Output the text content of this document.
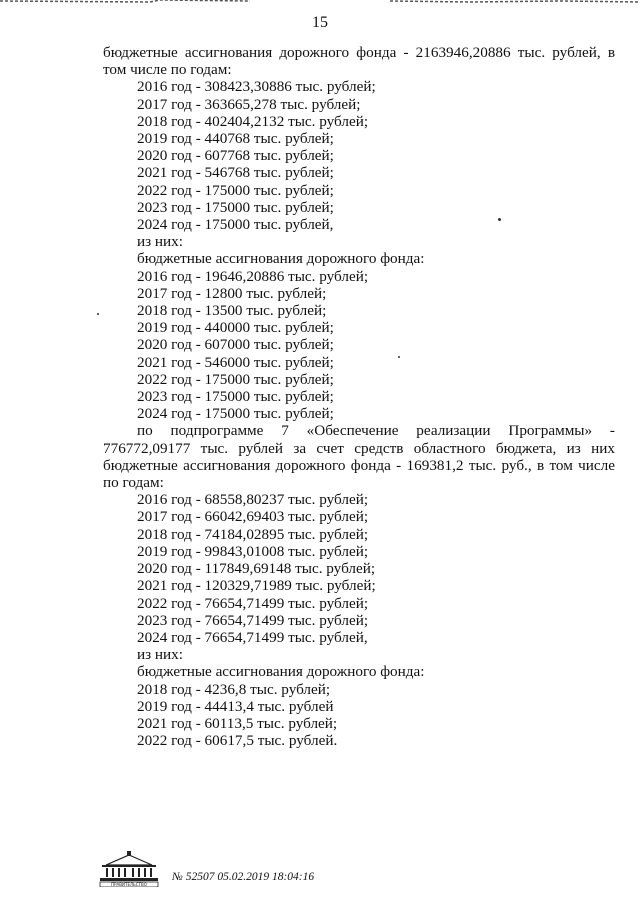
15
бюджетные ассигнования дорожного фонда - 2163946,20886 тыс. рублей, в
том числе по годам:
2016 год - 308423,30886 тыс. рублей;
2017 год - 363665,278 тыс. рублей;
2018 год - 402404,2132 тыс. рублей;
2019 год - 440768 тыс. рублей;
2020 год - 607768 тыс. рублей;
2021 год - 546768 тыс. рублей;
2022 год - 175000 тыс. рублей;
2023 год - 175000 тыс. рублей;
2024 год - 175000 тыс. рублей,
из них:
бюджетные ассигнования дорожного фонда:
2016 год - 19646,20886 тыс. рублей;
2017 год - 12800 тыс. рублей;
2018 год - 13500 тыс. рублей;
2019 год - 440000 тыс. рублей;
2020 год - 607000 тыс. рублей;
2021 год - 546000 тыс. рублей;
2022 год - 175000 тыс. рублей;
2023 год - 175000 тыс. рублей;
2024 год - 175000 тыс. рублей;
по подпрограмме 7 «Обеспечение реализации Программы» -
776772,09177 тыс. рублей за счет средств областного бюджета, из них
бюджетные ассигнования дорожного фонда - 169381,2 тыс. руб., в том числе
по годам:
2016 год - 68558,80237 тыс. рублей;
2017 год - 66042,69403 тыс. рублей;
2018 год - 74184,02895 тыс. рублей;
2019 год - 99843,01008 тыс. рублей;
2020 год - 117849,69148 тыс. рублей;
2021 год - 120329,71989 тыс. рублей;
2022 год - 76654,71499 тыс. рублей;
2023 год - 76654,71499 тыс. рублей;
2024 год - 76654,71499 тыс. рублей,
из них:
бюджетные ассигнования дорожного фонда:
2018 год - 4236,8 тыс. рублей;
2019 год - 44413,4 тыс. рублей
2021 год - 60113,5 тыс. рублей;
2022 год - 60617,5 тыс. рублей.
ПРАВИТЕЛЬСТВО
№ 52507 05.02.2019 18:04:16
